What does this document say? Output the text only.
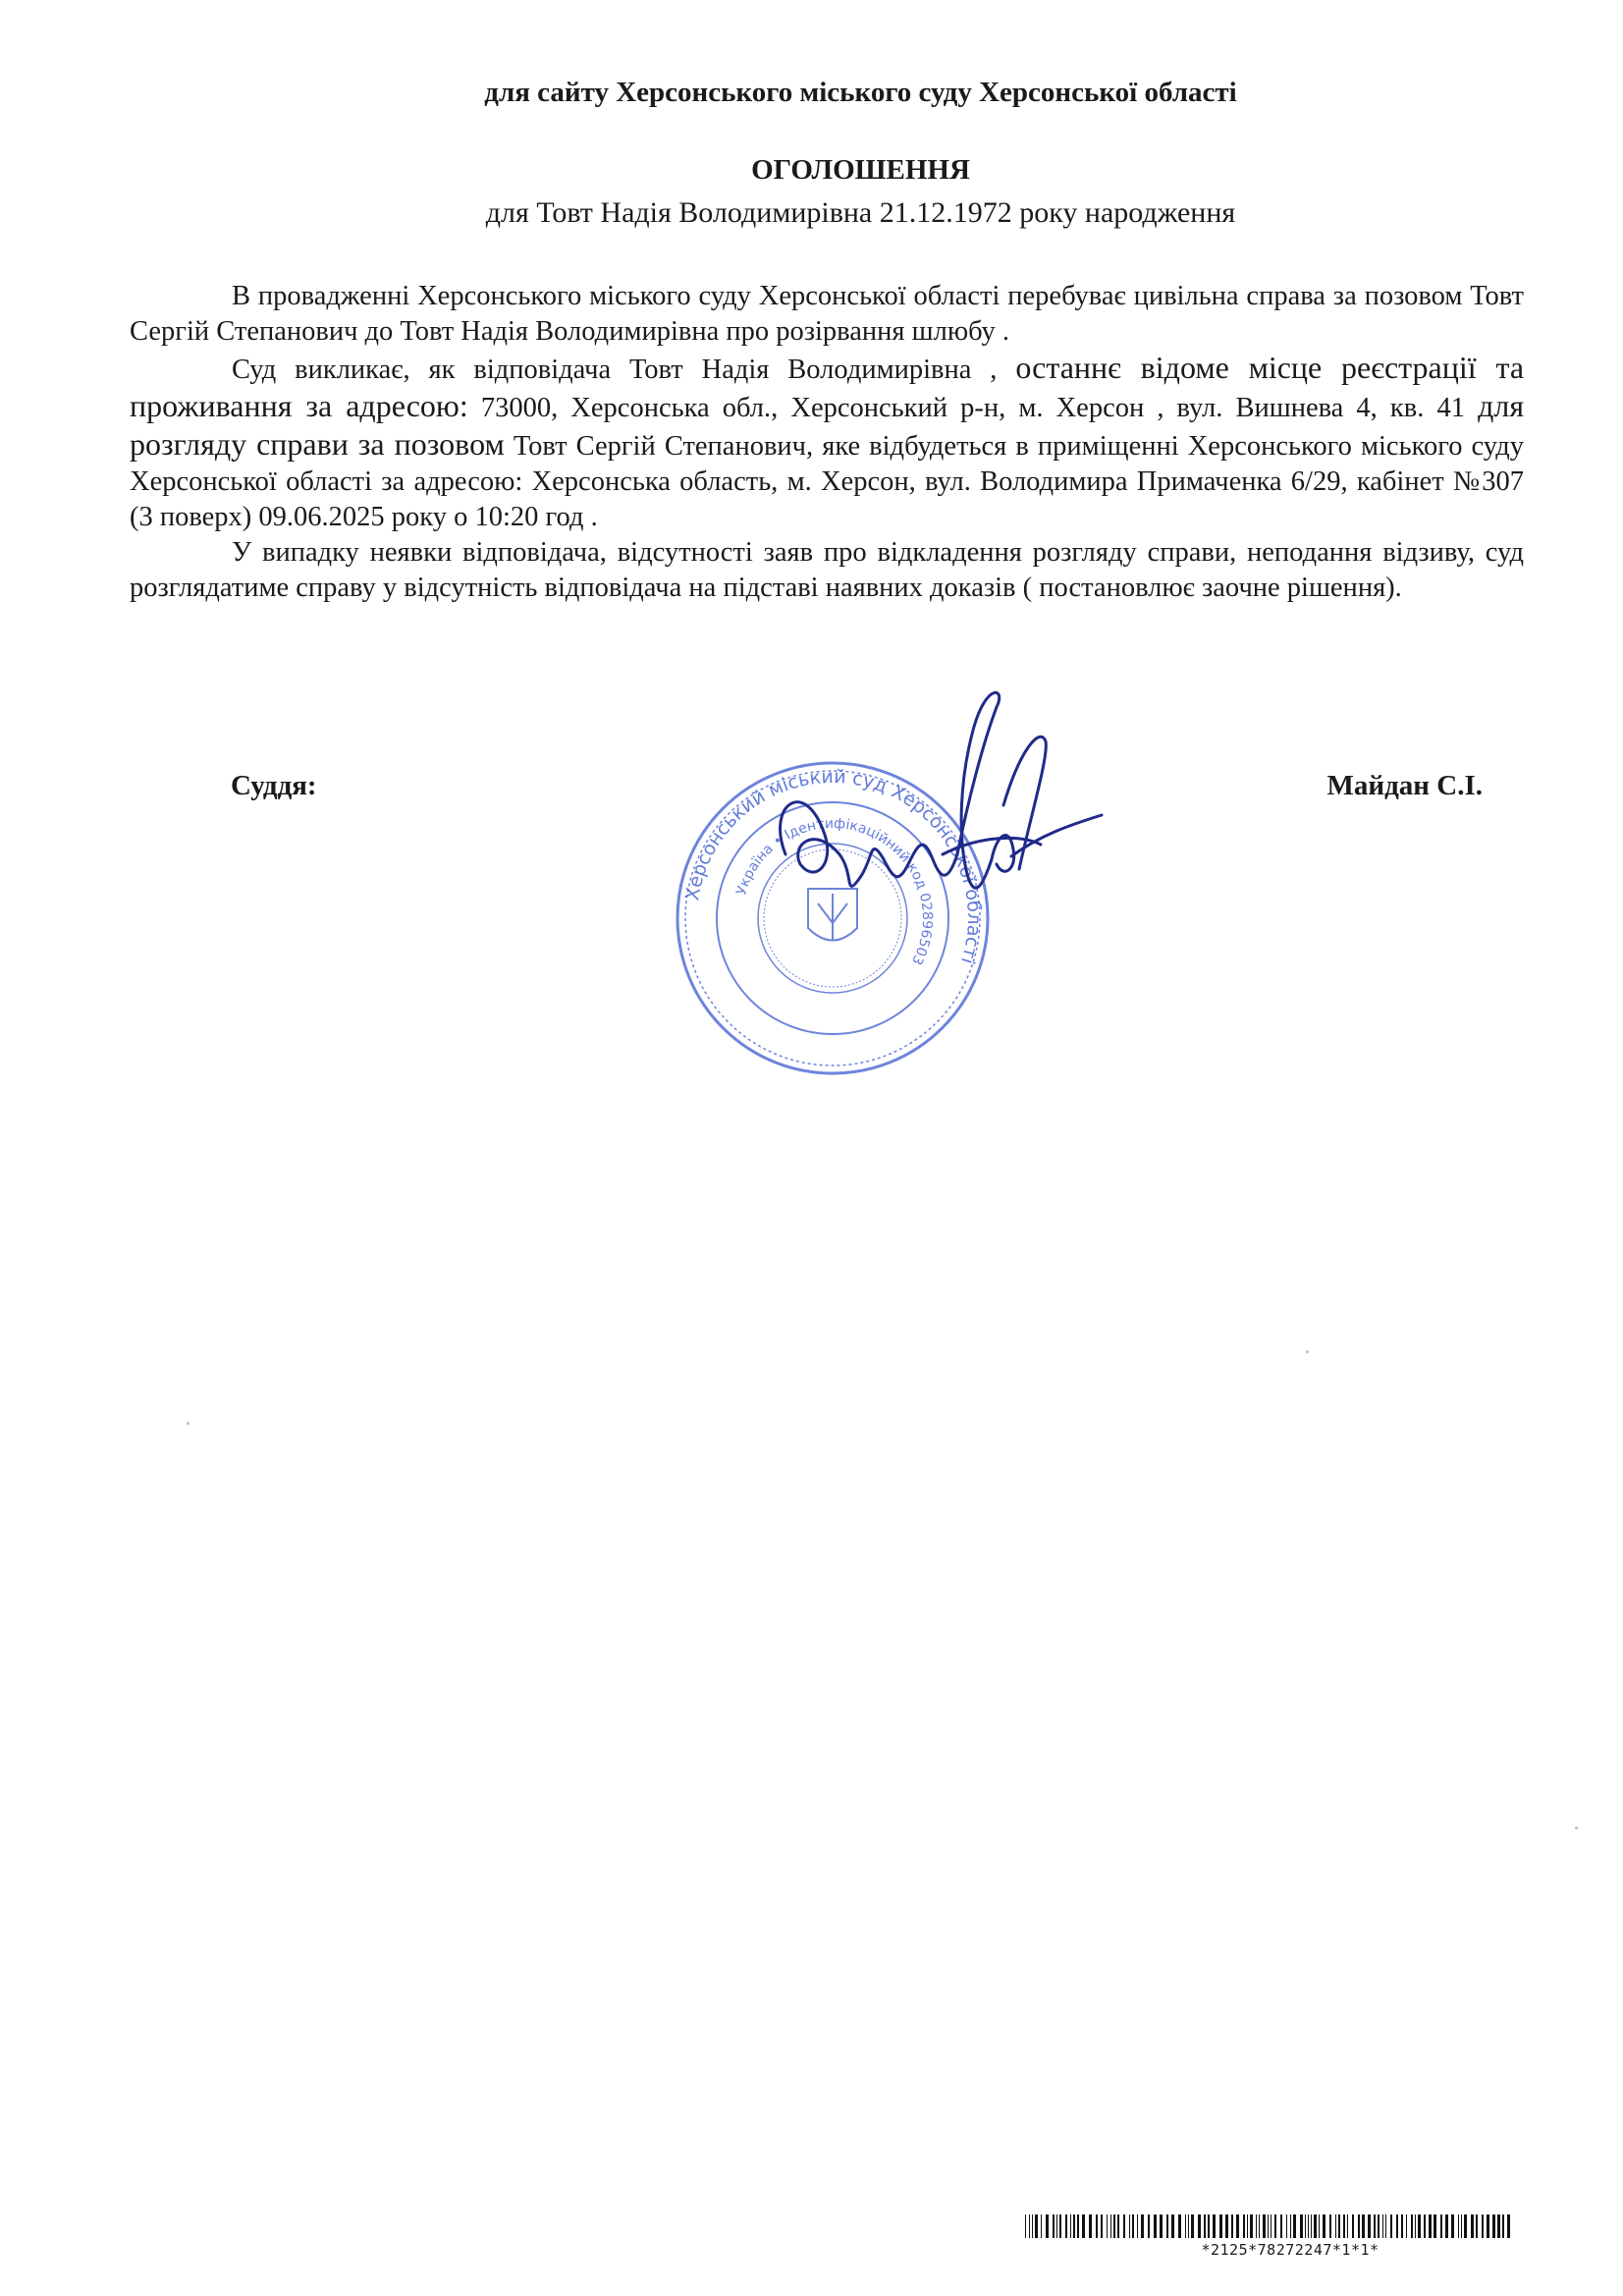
для сайту Херсонського міського суду Херсонської області
ОГОЛОШЕННЯ
для Товт Надія Володимирівна 21.12.1972 року народження

В провадженні Херсонського міського суду Херсонської області перебуває цивільна справа за позовом Товт Сергій Степанович до Товт Надія Володимирівна про розірвання шлюбу .

Суд викликає, як відповідача Товт Надія Володимирівна , останнє відоме місце реєстрації та проживання за адресою: 73000, Херсонська обл., Херсонський р-н, м. Херсон , вул. Вишнева 4, кв. 41 для розгляду справи за позовом Товт Сергій Степанович, яке відбудеться в приміщенні Херсонського міського суду Херсонської області за адресою: Херсонська область, м. Херсон, вул. Володимира Примаченка 6/29, кабінет №307 (3 поверх) 09.06.2025 року о 10:20 год .

У випадку неявки відповідача, відсутності заяв про відкладення розгляду справи, неподання відзиву, суд розглядатиме справу у відсутність відповідача на підставі наявних доказів ( постановлює заочне рішення).

Херсонський міський суд Херсонської області
Україна • Ідентифікаційний код 02896503
Суддя:	Майдан С.І.
*2125*78272247*1*1*
